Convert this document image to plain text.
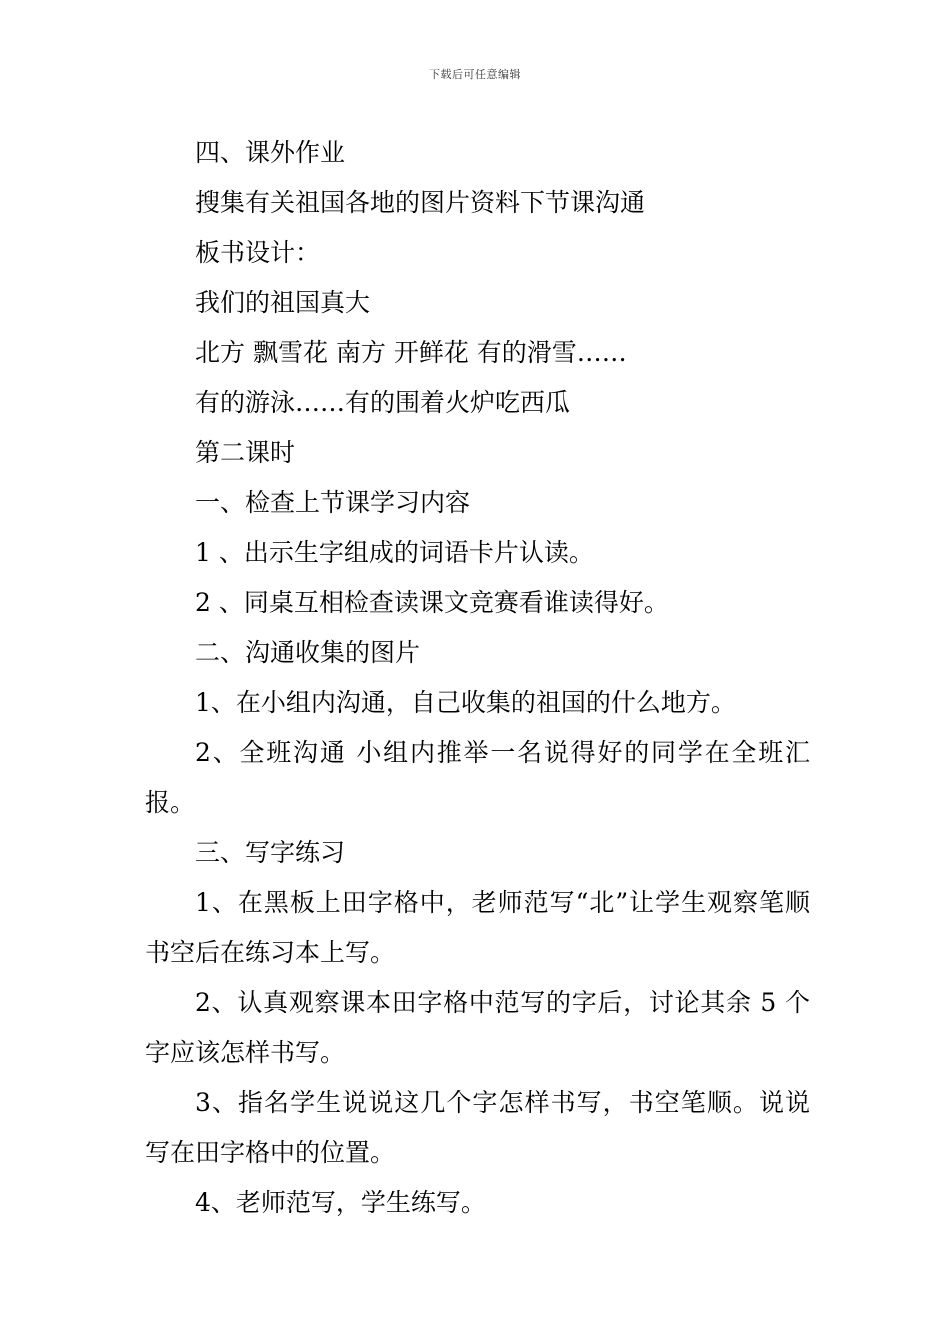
下载后可任意编辑
四、课外作业
搜集有关祖国各地的图片资料下节课沟通
板书设计：
我们的祖国真大
北方 飘雪花 南方 开鲜花 有的滑雪……
有的游泳……有的围着火炉吃西瓜
第二课时
一、检查上节课学习内容
1 、出示生字组成的词语卡片认读。
2 、同桌互相检查读课文竞赛看谁读得好。
二、沟通收集的图片
1、在小组内沟通，自己收集的祖国的什么地方。
2、全班沟通 小组内推举一名说得好的同学在全班汇报。
三、写字练习
1、在黑板上田字格中，老师范写“北”让学生观察笔顺书空后在练习本上写。
2、认真观察课本田字格中范写的字后，讨论其余 5 个字应该怎样书写。
3、指名学生说说这几个字怎样书写，书空笔顺。说说写在田字格中的位置。
4、老师范写，学生练写。
